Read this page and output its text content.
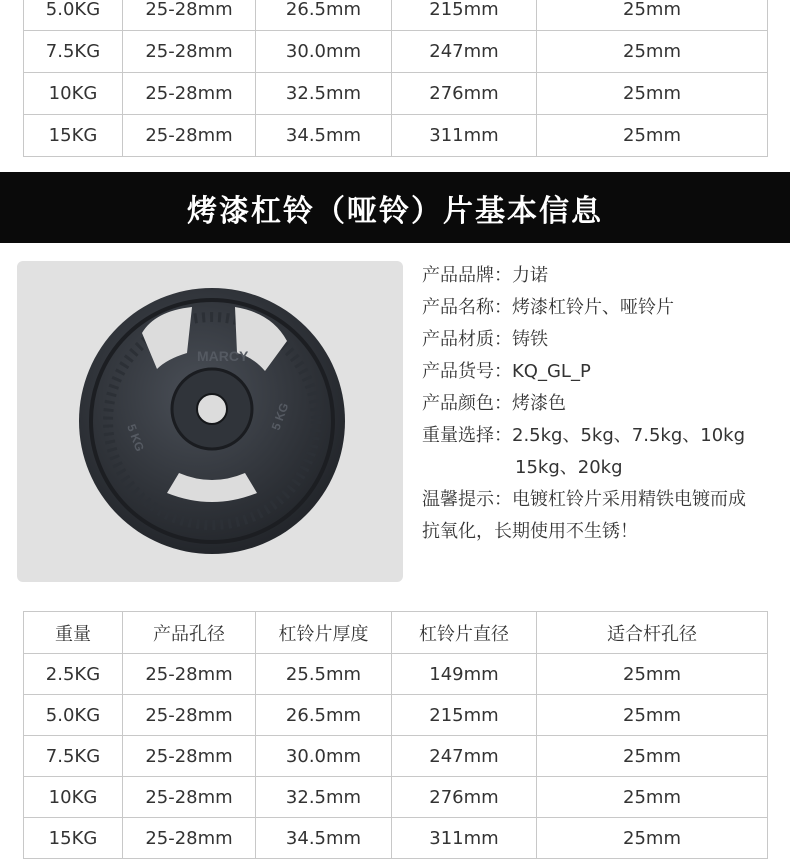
5.0KG	25-28mm	26.5mm	215mm	25mm
7.5KG	25-28mm	30.0mm	247mm	25mm
10KG	25-28mm	32.5mm	276mm	25mm
15KG	25-28mm	34.5mm	311mm	25mm
烤漆杠铃（哑铃）片基本信息
MARCY
5 KG
5 KG
产品品牌：力诺
产品名称：烤漆杠铃片、哑铃片
产品材质：铸铁
产品货号：KQ_GL_P
产品颜色：烤漆色
重量选择：2.5kg、5kg、7.5kg、10kg
15kg、20kg
温馨提示：电镀杠铃片采用精铁电镀而成
抗氧化，长期使用不生锈！
重量	产品孔径	杠铃片厚度	杠铃片直径	适合杆孔径
2.5KG	25-28mm	25.5mm	149mm	25mm
5.0KG	25-28mm	26.5mm	215mm	25mm
7.5KG	25-28mm	30.0mm	247mm	25mm
10KG	25-28mm	32.5mm	276mm	25mm
15KG	25-28mm	34.5mm	311mm	25mm
